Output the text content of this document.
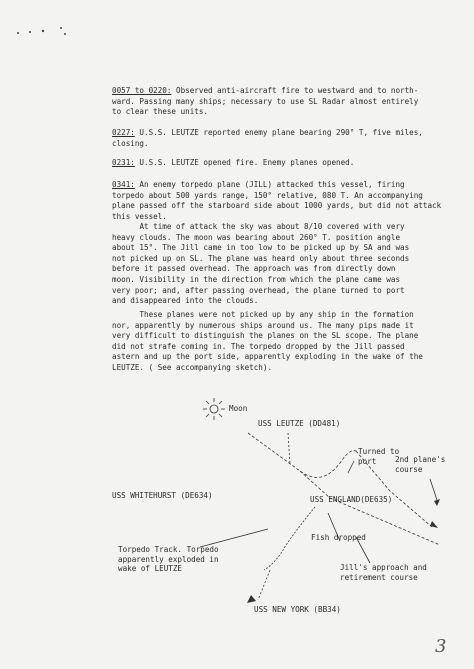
0057 to 0220: Observed anti-aircraft fire to westward and to north-
ward. Passing many ships; necessary to use SL Radar almost entirely
to clear these units.

0227: U.S.S. LEUTZE reported enemy plane bearing 290° T, five miles,
closing.

0231: U.S.S. LEUTZE opened fire. Enemy planes opened.

0341: An enemy torpedo plane (JILL) attacked this vessel, firing
torpedo about 500 yards range, 150° relative, 080 T. An accompanying
plane passed off the starboard side about 1000 yards, but did not attack
this vessel.

At time of attack the sky was about 8/10 covered with very
heavy clouds. The moon was bearing about 260° T. position angle
about 15°. The Jill came in too low to be picked up by SA and was
not picked up on SL. The plane was heard only about three seconds
before it passed overhead. The approach was from directly down
moon. Visibility in the direction from which the plane came was
very poor; and, after passing overhead, the plane turned to port
and disappeared into the clouds.

These planes were not picked up by any ship in the formation
nor, apparently by numerous ships around us. The many pips made it
very difficult to distinguish the planes on the SL scope. The plane
did not strafe coming in. The torpedo dropped by the Jill passed
astern and up the port side, apparently exploding in the wake of the
LEUTZE. ( See accompanying sketch).

Moon

USS LEUTZE (DD481)

Turned to
port	2nd plane's
course

USS WHITEHURST (DE634)	USS ENGLAND(DE635)

Fish dropped

Torpedo Track. Torpedo
apparently exploded in
wake of LEUTZE	Jill's approach and
retirement course

USS NEW YORK (BB34)

3
